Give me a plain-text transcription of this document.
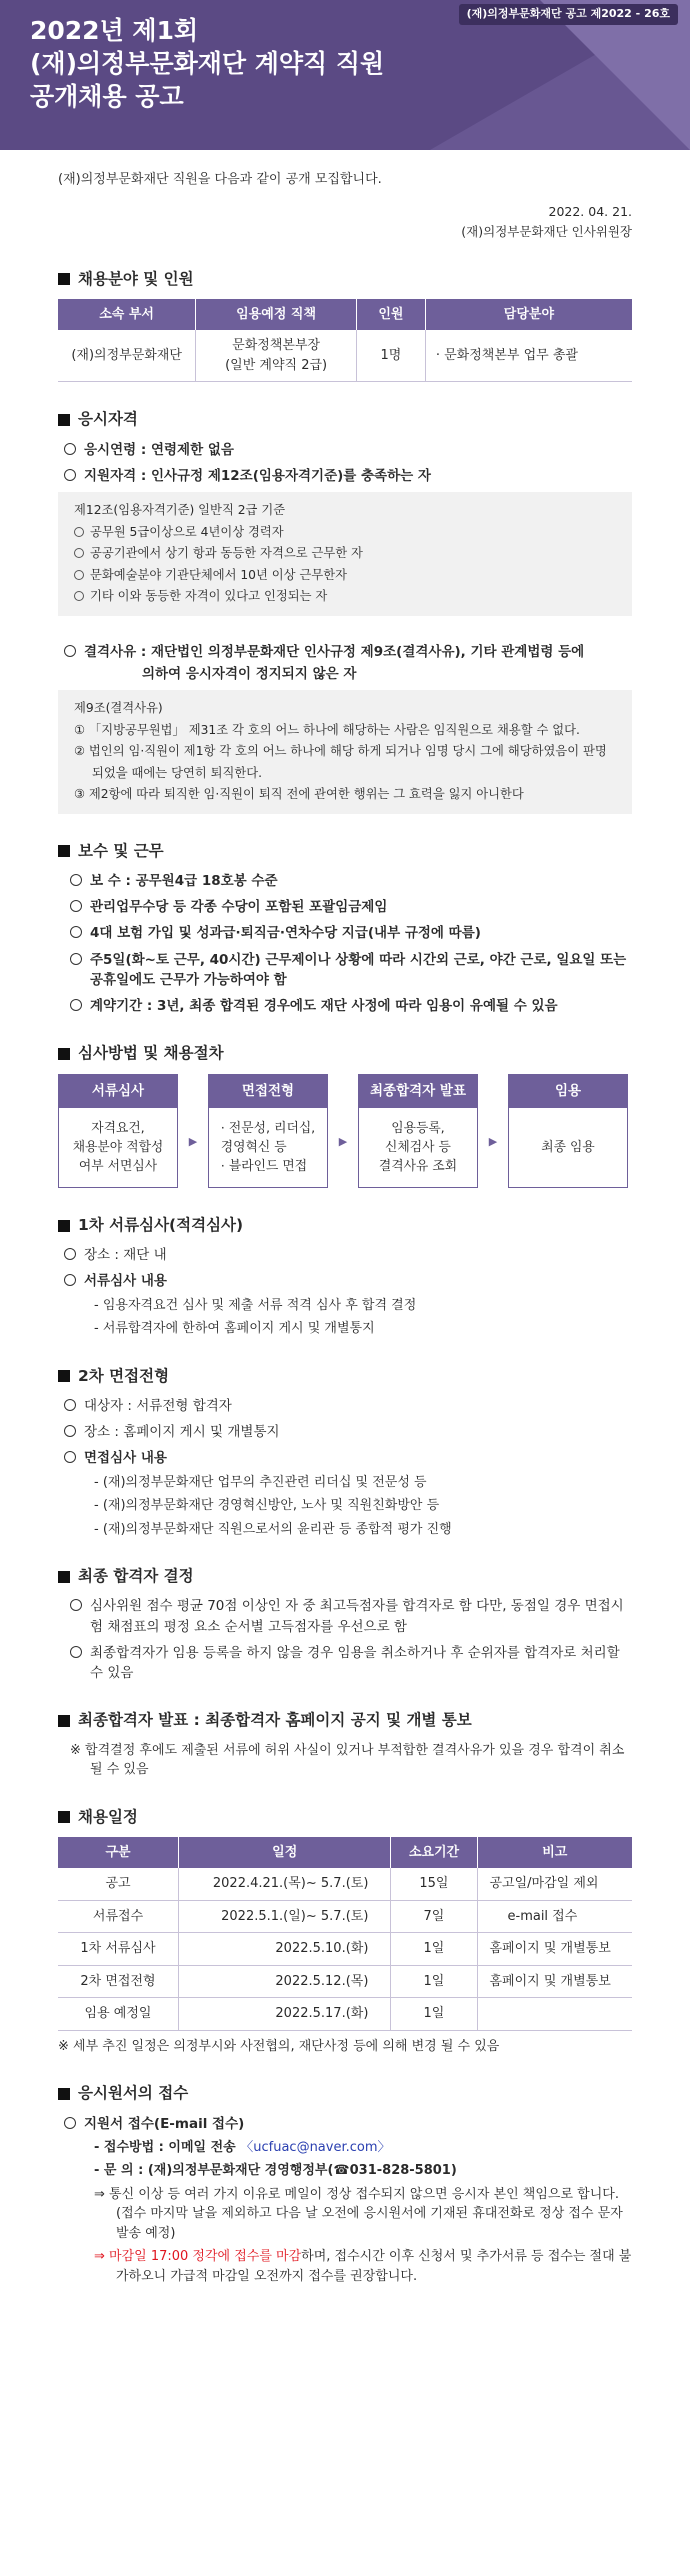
(재)의정부문화재단 공고 제2022 - 26호
2022년 제1회
(재)의정부문화재단 계약직 직원
공개채용 공고
(재)의정부문화재단 직원을 다음과 같이 공개 모집합니다.
2022. 04. 21.
(재)의정부문화재단 인사위원장
채용분야 및 인원
소속 부서	임용예정 직책	인원	담당분야
(재)의정부문화재단	문화정책본부장
(일반 계약직 2급)	1명	· 문화정책본부 업무 총괄
응시자격
응시연령 : 연령제한 없음
지원자격 : 인사규정 제12조(임용자격기준)를 충족하는 자
제12조(임용자격기준) 일반직 2급 기준
공무원 5급이상으로 4년이상 경력자
공공기관에서 상기 항과 동등한 자격으로 근무한 자
문화예술분야 기관단체에서 10년 이상 근무한자
기타 이와 동등한 자격이 있다고 인정되는 자
결격사유 : 재단법인 의정부문화재단 인사규정 제9조(결격사유), 기타 관계법령 등에
의하여 응시자격이 정지되지 않은 자
제9조(결격사유)
① 「지방공무원법」 제31조 각 호의 어느 하나에 해당하는 사람은 임직원으로 채용할 수 없다.
② 법인의 임·직원이 제1항 각 호의 어느 하나에 해당 하게 되거나 임명 당시 그에 해당하였음이 판명 되었을 때에는 당연히 퇴직한다.
③ 제2항에 따라 퇴직한 임·직원이 퇴직 전에 관여한 행위는 그 효력을 잃지 아니한다
보수 및 근무
보 수 : 공무원4급 18호봉 수준
관리업무수당 등 각종 수당이 포함된 포괄임금제임
4대 보험 가입 및 성과급·퇴직금·연차수당 지급(내부 규정에 따름)
주5일(화~토 근무, 40시간) 근무제이나 상황에 따라 시간외 근로, 야간 근로, 일요일 또는 공휴일에도 근무가 가능하여야 함
계약기간 : 3년, 최종 합격된 경우에도 재단 사정에 따라 임용이 유예될 수 있음
심사방법 및 채용절차
서류심사
자격요건,
채용분야 적합성
여부 서면심사
▶
면접전형
· 전문성, 리더십,
경영혁신 등
· 블라인드 면접
▶
최종합격자 발표
임용등록,
신체검사 등
결격사유 조회
▶
임용
최종 임용
1차 서류심사(적격심사)
장소 : 재단 내
서류심사 내용
- 임용자격요건 심사 및 제출 서류 적격 심사 후 합격 결정
- 서류합격자에 한하여 홈페이지 게시 및 개별통지
2차 면접전형
대상자 : 서류전형 합격자
장소 : 홈페이지 게시 및 개별통지
면접심사 내용
- (재)의정부문화재단 업무의 추진관련 리더십 및 전문성 등
- (재)의정부문화재단 경영혁신방안, 노사 및 직원친화방안 등
- (재)의정부문화재단 직원으로서의 윤리관 등 종합적 평가 진행
최종 합격자 결정
심사위원 점수 평균 70점 이상인 자 중 최고득점자를 합격자로 함 다만, 동점일 경우 면접시험 채점표의 평정 요소 순서별 고득점자를 우선으로 함
최종합격자가 임용 등록을 하지 않을 경우 임용을 취소하거나 후 순위자를 합격자로 처리할 수 있음
최종합격자 발표 : 최종합격자 홈페이지 공지 및 개별 통보
※ 합격결정 후에도 제출된 서류에 허위 사실이 있거나 부적합한 결격사유가 있을 경우 합격이 취소될 수 있음
채용일정
구분	일정	소요기간	비고
공고	2022.4.21.(목)~ 5.7.(토)	15일	공고일/마감일 제외
서류접수	2022.5.1.(일)~ 5.7.(토)	7일	e-mail 접수
1차 서류심사	2022.5.10.(화)	1일	홈페이지 및 개별통보
2차 면접전형	2022.5.12.(목)	1일	홈페이지 및 개별통보
임용 예정일	2022.5.17.(화)	1일	
※ 세부 추진 일정은 의정부시와 사전협의, 재단사정 등에 의해 변경 될 수 있음
응시원서의 접수
지원서 접수(E-mail 접수)
- 접수방법 : 이메일 전송 〈ucfuac@naver.com〉
- 문 의 : (재)의정부문화재단 경영행정부(☎031-828-5801)
⇒ 통신 이상 등 여러 가지 이유로 메일이 정상 접수되지 않으면 응시자 본인 책임으로 합니다.(접수 마지막 날을 제외하고 다음 날 오전에 응시원서에 기재된 휴대전화로 정상 접수 문자 발송 예정)
⇒ 마감일 17:00 정각에 접수를 마감하며, 접수시간 이후 신청서 및 추가서류 등 접수는 절대 불가하오니 가급적 마감일 오전까지 접수를 권장합니다.
